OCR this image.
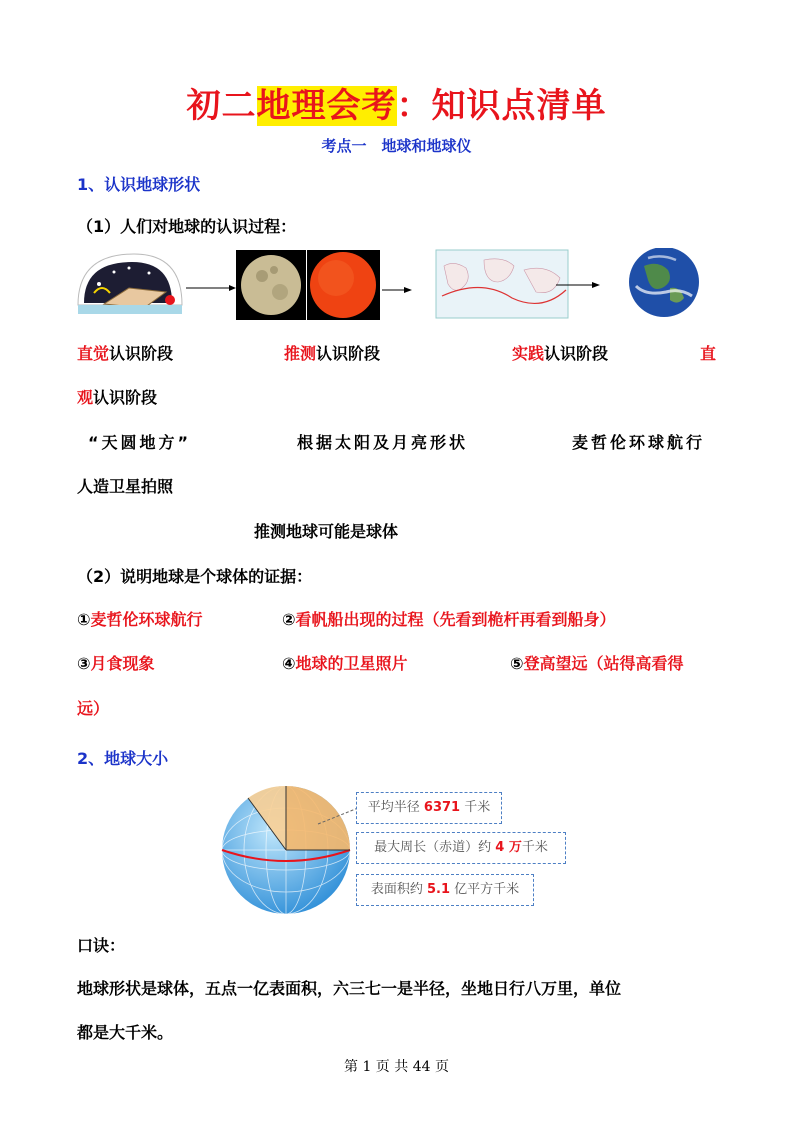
初二地理会考：知识点清单
考点一　地球和地球仪
1、认识地球形状
（1）人们对地球的认识过程：
直觉认识阶段	推测认识阶段	实践认识阶段	直
观认识阶段
“天圆地方”	根据太阳及月亮形状	麦哲伦环球航行
人造卫星拍照
推测地球可能是球体
（2）说明地球是个球体的证据：
①麦哲伦环球航行	②看帆船出现的过程（先看到桅杆再看到船身）
③月食现象	④地球的卫星照片	⑤登高望远（站得高看得
远）
2、地球大小
平均半径 6371 千米
最大周长（赤道）约 4 万千米
表面积约 5.1 亿平方千米
口诀：
地球形状是球体，五点一亿表面积，六三七一是半径，坐地日行八万里，单位
都是大千米。
第 1 页 共 44 页
